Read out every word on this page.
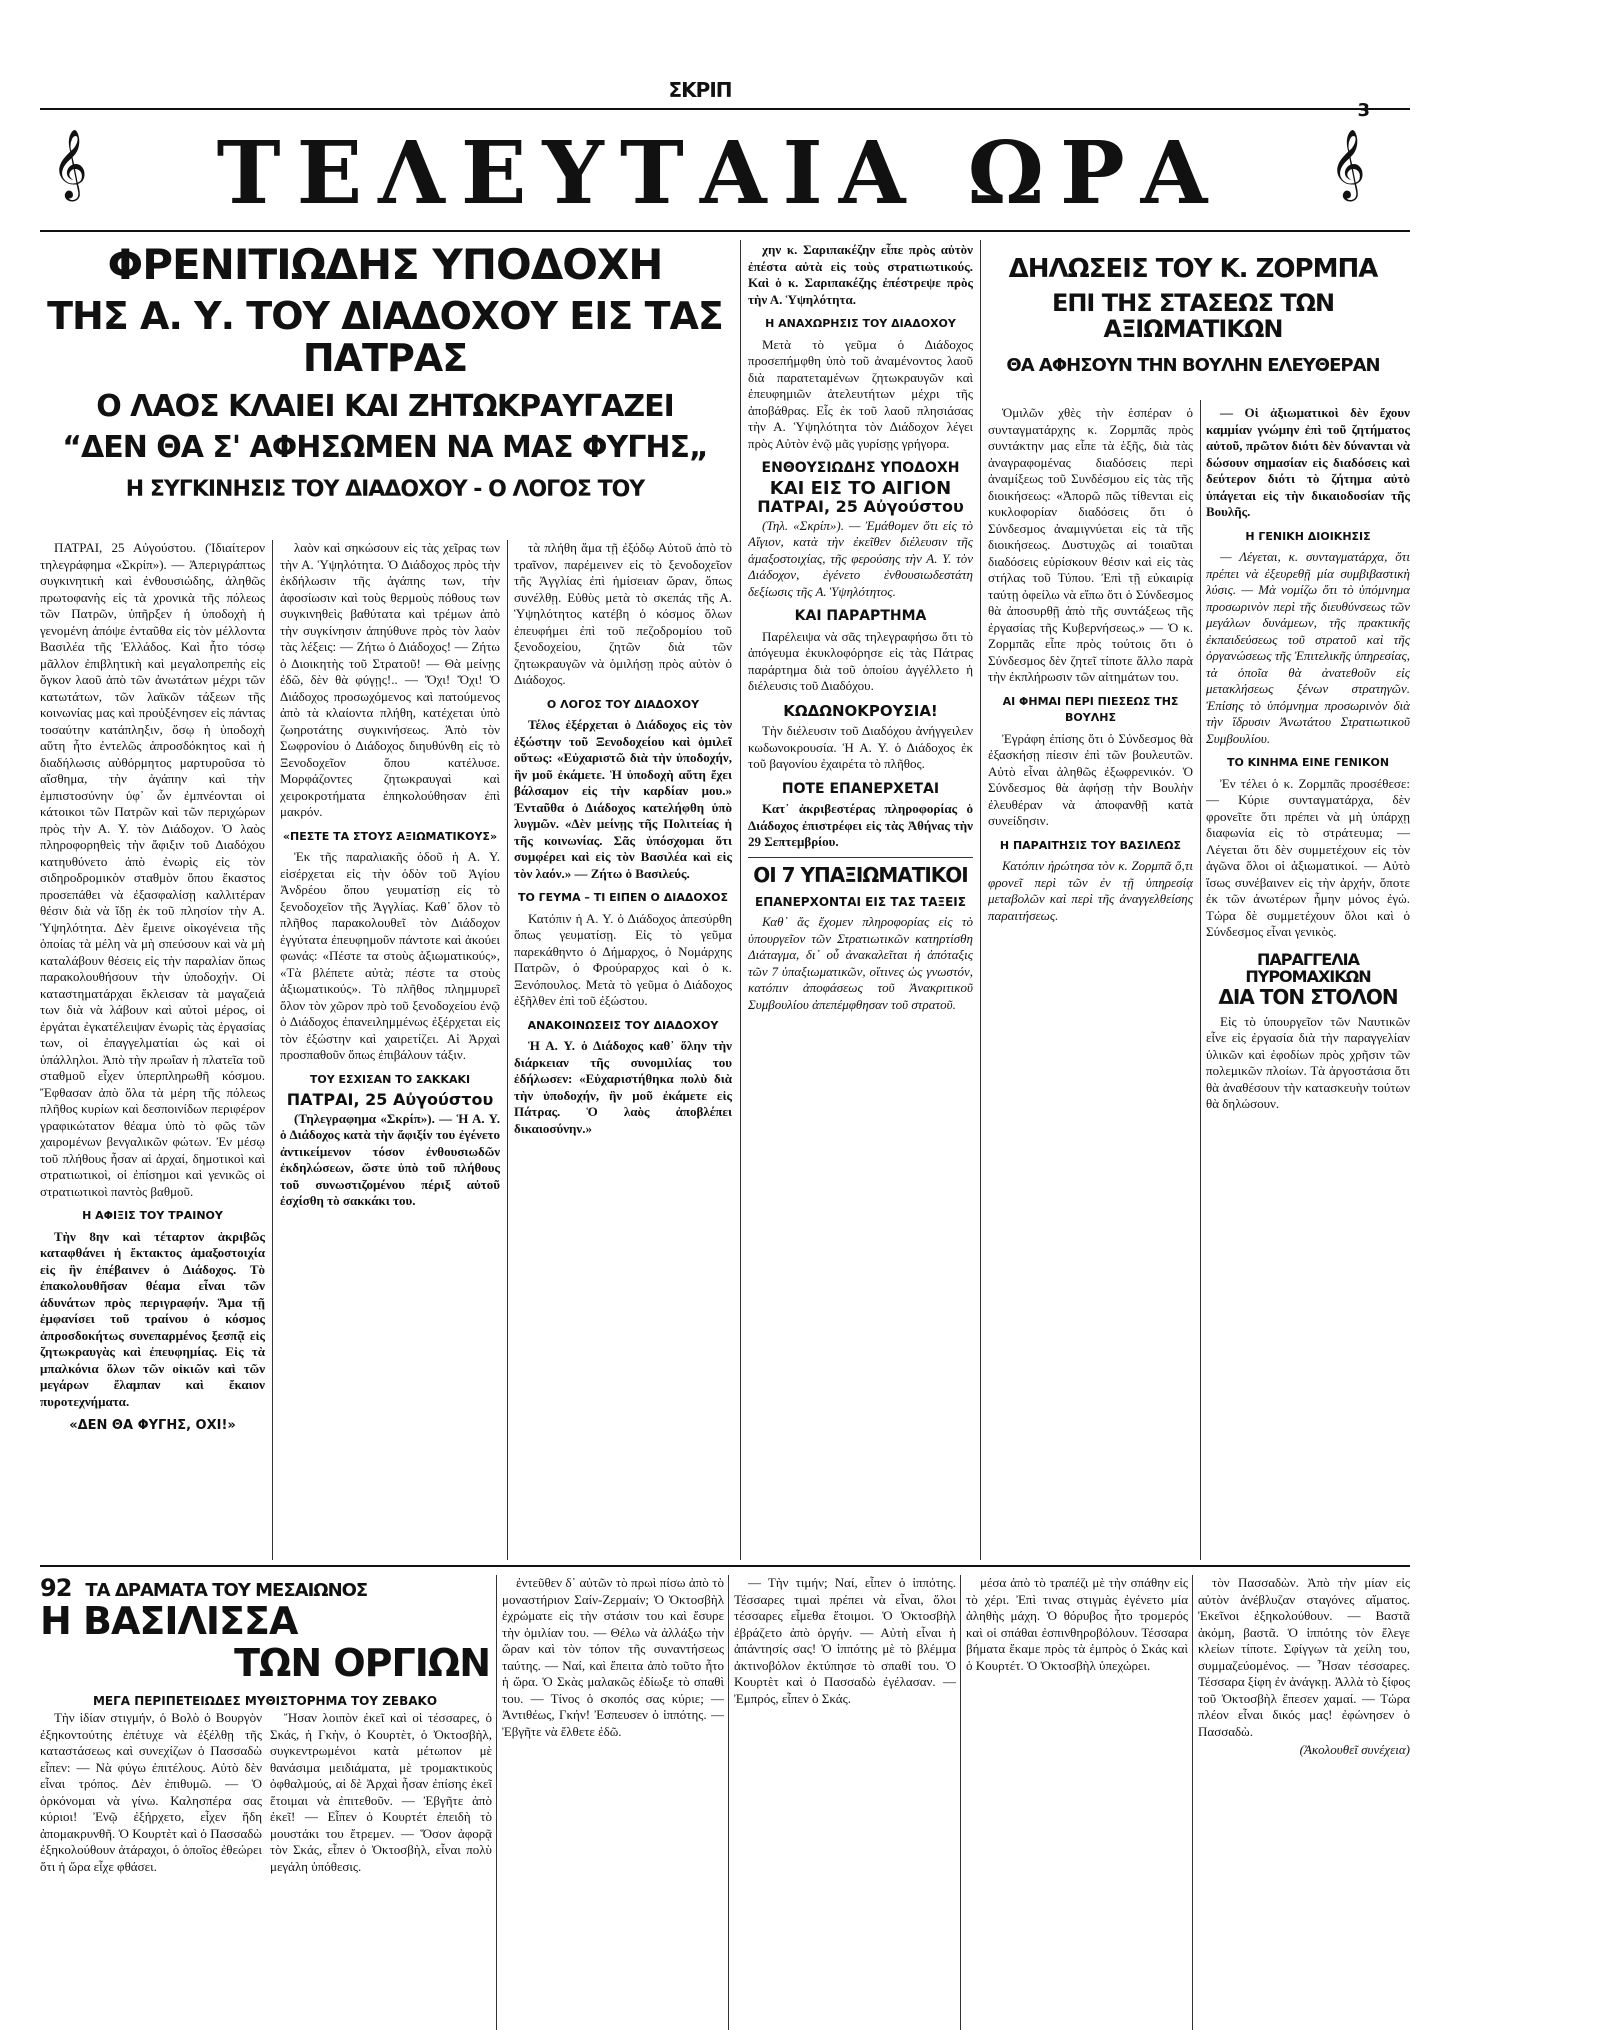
ΣΚΡΙΠ
3
𝄞	ΤΕΛΕΥΤΑΙΑ ΩΡΑ	𝄞
ΦΡΕΝΙΤΙΩΔΗΣ ΥΠΟΔΟΧΗ
ΤΗΣ Α. Υ. ΤΟΥ ΔΙΑΔΟΧΟΥ ΕΙΣ ΤΑΣ ΠΑΤΡΑΣ
Ο ΛΑΟΣ ΚΛΑΙΕΙ ΚΑΙ ΖΗΤΩΚΡΑΥΓΑΖΕΙ
“ΔΕΝ ΘΑ Σ' ΑΦΗΣΩΜΕΝ ΝΑ ΜΑΣ ΦΥΓΗΣ„
Η ΣΥΓΚΙΝΗΣΙΣ ΤΟΥ ΔΙΑΔΟΧΟΥ - Ο ΛΟΓΟΣ ΤΟΥ

ΠΑΤΡΑΙ, 25 Αὐγούστου. (Ἰδιαίτερον τηλεγράφημα «Σκρίπ»). — Ἀπεριγράπτως συγκινητικὴ καὶ ἐνθουσιώδης, ἀληθῶς πρωτοφανὴς εἰς τὰ χρονικὰ τῆς πόλεως τῶν Πατρῶν, ὑπῆρξεν ἡ ὑποδοχὴ ἡ γενομένη ἀπόψε ἐνταῦθα εἰς τὸν μέλλοντα Βασιλέα τῆς Ἑλλάδος. Καὶ ἦτο τόσῳ μᾶλλον ἐπιβλητικὴ καὶ μεγαλοπρεπὴς εἰς ὄγκον λαοῦ ἀπὸ τῶν ἀνωτάτων μέχρι τῶν κατωτάτων, τῶν λαϊκῶν τάξεων τῆς κοινωνίας μας καὶ προὐξένησεν εἰς πάντας τοσαύτην κατάπληξιν, ὅσῳ ἡ ὑποδοχὴ αὕτη ἦτο ἐντελῶς ἀπροσδόκητος καὶ ἡ διαδήλωσις αὐθόρμητος μαρτυροῦσα τὸ αἴσθημα, τὴν ἀγάπην καὶ τὴν ἐμπιστοσύνην ὑφ᾽ ὧν ἐμπνέονται οἱ κάτοικοι τῶν Πατρῶν καὶ τῶν περιχώρων πρὸς τὴν Α. Υ. τὸν Διάδοχον. Ὁ λαὸς πληροφορηθεὶς τὴν ἄφιξιν τοῦ Διαδόχου κατηυθύνετο ἀπὸ ἐνωρὶς εἰς τὸν σιδηροδρομικὸν σταθμὸν ὅπου ἕκαστος προσεπάθει νὰ ἐξασφαλίσῃ καλλιτέραν θέσιν διὰ νὰ ἴδῃ ἐκ τοῦ πλησίον τὴν Α. Ὑψηλότητα. Δὲν ἔμεινε οἰκογένεια τῆς ὁποίας τὰ μέλη νὰ μὴ σπεύσουν καὶ νὰ μὴ καταλάβουν θέσεις εἰς τὴν παραλίαν ὅπως παρακολουθήσουν τὴν ὑποδοχήν. Οἱ καταστηματάρχαι ἔκλεισαν τὰ μαγαζειά των διὰ νὰ λάβουν καὶ αὐτοὶ μέρος, οἱ ἐργάται ἐγκατέλειψαν ἐνωρὶς τὰς ἐργασίας των, οἱ ἐπαγγελματίαι ὡς καὶ οἱ ὑπάλληλοι. Ἀπὸ τὴν πρωΐαν ἡ πλατεῖα τοῦ σταθμοῦ εἶχεν ὑπερπληρωθῆ κόσμου. Ἔφθασαν ἀπὸ ὅλα τὰ μέρη τῆς πόλεως πλῆθος κυρίων καὶ δεσποινίδων περιφέρον γραφικώτατον θέαμα ὑπὸ τὸ φῶς τῶν χαιρομένων βενγαλικῶν φώτων. Ἐν μέσῳ τοῦ πλήθους ἦσαν αἱ ἀρχαί, δημοτικοὶ καὶ στρατιωτικοὶ, οἱ ἐπίσημοι καὶ γενικῶς οἱ στρατιωτικοὶ παντὸς βαθμοῦ.

Η ΑΦΙΞΙΣ ΤΟΥ ΤΡΑΙΝΟΥ

Τὴν 8ην καὶ τέταρτον ἀκριβῶς καταφθάνει ἡ ἔκτακτος ἁμαξοστοιχία εἰς ἣν ἐπέβαινεν ὁ Διάδοχος. Τὸ ἐπακολουθῆσαν θέαμα εἶναι τῶν ἀδυνάτων πρὸς περιγραφήν. Ἅμα τῇ ἐμφανίσει τοῦ τραίνου ὁ κόσμος ἀπροσδοκήτως συνεπαρμένος ξεσπᾷ εἰς ζητωκραυγὰς καὶ ἐπευφημίας. Εἰς τὰ μπαλκόνια ὅλων τῶν οἰκιῶν καὶ τῶν μεγάρων ἔλαμπαν καὶ ἔκαιον πυροτεχνήματα.

«ΔΕΝ ΘΑ ΦΥΓΗΣ, ΟΧΙ!»

λαὸν καὶ σηκώσουν εἰς τὰς χεῖρας των τὴν Α. Ὑψηλότητα. Ὁ Διάδοχος πρὸς τὴν ἐκδήλωσιν τῆς ἀγάπης των, τὴν ἀφοσίωσιν καὶ τοὺς θερμοὺς πόθους των συγκινηθεὶς βαθύτατα καὶ τρέμων ἀπὸ τὴν συγκίνησιν ἀπηύθυνε πρὸς τὸν λαὸν τὰς λέξεις: — Ζήτω ὁ Διάδοχος! — Ζήτω ὁ Διοικητὴς τοῦ Στρατοῦ! — Θὰ μείνῃς ἐδῶ, δὲν θὰ φύγῃς!.. — Ὄχι! Ὄχι! Ὁ Διάδοχος προσωχόμενος καὶ πατούμενος ἀπὸ τὰ κλαίοντα πλήθη, κατέχεται ὑπὸ ζωηροτάτης συγκινήσεως. Ἀπὸ τὸν Σωφρονίου ὁ Διάδοχος διηυθύνθη εἰς τὸ Ξενοδοχεῖον ὅπου κατέλυσε. Μορφάζοντες ζητωκραυγαὶ καὶ χειροκροτήματα ἐπηκολούθησαν ἐπὶ μακρόν.

«ΠΕΣΤΕ ΤΑ ΣΤΟΥΣ ΑΞΙΩΜΑΤΙΚΟΥΣ»

Ἐκ τῆς παραλιακῆς ὁδοῦ ἡ Α. Υ. εἰσέρχεται εἰς τὴν ὁδὸν τοῦ Ἁγίου Ἀνδρέου ὅπου γευματίσῃ εἰς τὸ ξενοδοχεῖον τῆς Ἀγγλίας. Καθ᾽ ὅλον τὸ πλῆθος παρακολουθεῖ τὸν Διάδοχον ἐγγύτατα ἐπευφημοῦν πάντοτε καὶ ἀκούει φωνάς: «Πέστε τα στοὺς ἀξιωματικούς», «Τὰ βλέπετε αὐτὰ; πέστε τα στοὺς ἀξιωματικούς». Τὸ πλῆθος πλημμυρεῖ ὅλον τὸν χῶρον πρὸ τοῦ ξενοδοχείου ἐνῷ ὁ Διάδοχος ἐπανειλημμένως ἐξέρχεται εἰς τὸν ἐξώστην καὶ χαιρετίζει. Αἱ Ἀρχαὶ προσπαθοῦν ὅπως ἐπιβάλουν τάξιν.

ΤΟΥ ΕΣΧΙΣΑΝ ΤΟ ΣΑΚΚΑΚΙ
ΠΑΤΡΑΙ, 25 Αὐγούστου

(Τηλεγραφημα «Σκρίπ»). — Ἡ Α. Υ. ὁ Διάδοχος κατὰ τὴν ἄφιξίν του ἐγένετο ἀντικείμενον τόσον ἐνθουσιωδῶν ἐκδηλώσεων, ὥστε ὑπὸ τοῦ πλήθους τοῦ συνωστιζομένου πέριξ αὐτοῦ ἐσχίσθη τὸ σακκάκι του.

τὰ πλήθη ἅμα τῇ ἐξόδῳ Αὐτοῦ ἀπὸ τὸ τραῖνον, παρέμεινεν εἰς τὸ ξενοδοχεῖον τῆς Ἀγγλίας ἐπὶ ἡμίσειαν ὥραν, ὅπως συνέλθῃ. Εὐθὺς μετὰ τὸ σκεπάς τῆς Α. Ὑψηλότητος κατέβη ὁ κόσμος ὅλων ἐπευφήμει ἐπὶ τοῦ πεζοδρομίου τοῦ ξενοδοχείου, ζητῶν διὰ τῶν ζητωκραυγῶν νὰ ὁμιλήσῃ πρὸς αὐτὸν ὁ Διάδοχος.

Ο ΛΟΓΟΣ ΤΟΥ ΔΙΑΔΟΧΟΥ

Τέλος ἐξέρχεται ὁ Διάδοχος εἰς τὸν ἐξώστην τοῦ Ξενοδοχείου καὶ ὁμιλεῖ οὕτως: «Εὐχαριστῶ διὰ τὴν ὑποδοχήν, ἣν μοῦ ἐκάμετε. Ἡ ὑποδοχὴ αὕτη ἔχει βάλσαμον εἰς τὴν καρδίαν μου.» Ἐνταῦθα ὁ Διάδοχος κατελήφθη ὑπὸ λυγμῶν. «Δὲν μείνῃς τῆς Πολιτείας ἡ τῆς κοινωνίας. Σᾶς ὑπόσχομαι ὅτι συμφέρει καὶ εἰς τὸν Βασιλέα καὶ εἰς τὸν λαόν.» — Ζήτω ὁ Βασιλεύς.

ΤΟ ΓΕΥΜΑ – ΤΙ ΕΙΠΕΝ Ο ΔΙΑΔΟΧΟΣ

Κατόπιν ἡ Α. Υ. ὁ Διάδοχος ἀπεσύρθη ὅπως γευματίσῃ. Εἰς τὸ γεῦμα παρεκάθηντο ὁ Δήμαρχος, ὁ Νομάρχης Πατρῶν, ὁ Φρούραρχος καὶ ὁ κ. Ξενόπουλος. Μετὰ τὸ γεῦμα ὁ Διάδοχος ἐξῆλθεν ἐπὶ τοῦ ἐξώστου.

ΑΝΑΚΟΙΝΩΣΕΙΣ ΤΟΥ ΔΙΑΔΟΧΟΥ

Ἡ Α. Υ. ὁ Διάδοχος καθ᾽ ὅλην τὴν διάρκειαν τῆς συνομιλίας του ἐδήλωσεν: «Εὐχαριστήθηκα πολὺ διὰ τὴν ὑποδοχήν, ἣν μοῦ ἐκάμετε εἰς Πάτρας. Ὁ λαὸς ἀποβλέπει δικαιοσύνην.»

χην κ. Σαριπακέζην εἶπε πρὸς αὐτὸν ἐπέστα αὐτὰ εἰς τοὺς στρατιωτικούς. Καὶ ὁ κ. Σαριπακέζης ἐπέστρεψε πρὸς τὴν Α. Ὑψηλότητα.

Η ΑΝΑΧΩΡΗΣΙΣ ΤΟΥ ΔΙΑΔΟΧΟΥ

Μετὰ τὸ γεῦμα ὁ Διάδοχος προσεπήμφθη ὑπὸ τοῦ ἀναμένοντος λαοῦ διὰ παρατεταμένων ζητωκραυγῶν καὶ ἐπευφημιῶν ἀτελευτήτων μέχρι τῆς ἀποβάθρας. Εἷς ἐκ τοῦ λαοῦ πλησιάσας τὴν Α. Ὑψηλότητα τὸν Διάδοχον λέγει πρὸς Αὐτὸν ἐνῷ μᾶς γυρίσῃς γρήγορα.

ΕΝΘΟΥΣΙΩΔΗΣ ΥΠΟΔΟΧΗ
ΚΑΙ ΕΙΣ ΤΟ ΑΙΓΙΟΝ
ΠΑΤΡΑΙ, 25 Αὐγούστου

(Τηλ. «Σκρίπ»). — Ἐμάθομεν ὅτι εἰς τὸ Αἴγιον, κατὰ τὴν ἐκεῖθεν διέλευσιν τῆς ἁμαξοστοιχίας, τῆς φερούσης τὴν Α. Υ. τὸν Διάδοχον, ἐγένετο ἐνθουσιωδεστάτη δεξίωσις τῆς Α. Ὑψηλότητος.

ΚΑΙ ΠΑΡΑΡΤΗΜΑ

Παρέλειψα νὰ σᾶς τηλεγραφήσω ὅτι τὸ ἀπόγευμα ἐκυκλοφόρησε εἰς τὰς Πάτρας παράρτημα διὰ τοῦ ὁποίου ἀγγέλλετο ἡ διέλευσις τοῦ Διαδόχου.

ΚΩΔΩΝΟΚΡΟΥΣΙΑ!

Τὴν διέλευσιν τοῦ Διαδόχου ἀνήγγειλεν κωδωνοκρουσία. Ἡ Α. Υ. ὁ Διάδοχος ἐκ τοῦ βαγονίου ἐχαιρέτα τὸ πλῆθος.

ΠΟΤΕ ΕΠΑΝΕΡΧΕΤΑΙ

Κατ᾽ ἀκριβεστέρας πληροφορίας ὁ Διάδοχος ἐπιστρέφει εἰς τὰς Ἀθήνας τὴν 29 Σεπτεμβρίου.

ΟΙ 7 ΥΠΑΞΙΩΜΑΤΙΚΟΙ
ΕΠΑΝΕΡΧΟΝΤΑΙ ΕΙΣ ΤΑΣ ΤΑΞΕΙΣ

Καθ᾽ ἅς ἔχομεν πληροφορίας εἰς τὸ ὑπουργεῖον τῶν Στρατιωτικῶν κατηρτίσθη Διάταγμα, δι᾽ οὗ ἀνακαλεῖται ἡ ἀπόταξις τῶν 7 ὑπαξιωματικῶν, οἵτινες ὡς γνωστόν, κατόπιν ἀποφάσεως τοῦ Ἀνακριτικοῦ Συμβουλίου ἀπεπέμφθησαν τοῦ στρατοῦ.

ΔΗΛΩΣΕΙΣ ΤΟΥ Κ. ΖΟΡΜΠΑ
ΕΠΙ ΤΗΣ ΣΤΑΣΕΩΣ ΤΩΝ ΑΞΙΩΜΑΤΙΚΩΝ
ΘΑ ΑΦΗΣΟΥΝ ΤΗΝ ΒΟΥΛΗΝ ΕΛΕΥΘΕΡΑΝ

Ὁμιλῶν χθὲς τὴν ἑσπέραν ὁ συνταγματάρχης κ. Ζορμπᾶς πρὸς συντάκτην μας εἶπε τὰ ἑξῆς, διὰ τὰς ἀναγραφομένας διαδόσεις περὶ ἀναμίξεως τοῦ Συνδέσμου εἰς τὰς τῆς διοικήσεως: «Ἀπορῶ πῶς τίθενται εἰς κυκλοφορίαν διαδόσεις ὅτι ὁ Σύνδεσμος ἀναμιγνύεται εἰς τὰ τῆς διοικήσεως. Δυστυχῶς αἱ τοιαῦται διαδόσεις εὑρίσκουν θέσιν καὶ εἰς τὰς στήλας τοῦ Τύπου. Ἐπὶ τῇ εὐκαιρίᾳ ταύτῃ ὀφείλω νὰ εἴπω ὅτι ὁ Σύνδεσμος θὰ ἀποσυρθῇ ἀπὸ τῆς συντάξεως τῆς ἐργασίας τῆς Κυβερνήσεως.» — Ὁ κ. Ζορμπᾶς εἶπε πρὸς τούτοις ὅτι ὁ Σύνδεσμος δὲν ζητεῖ τίποτε ἄλλο παρὰ τὴν ἐκπλήρωσιν τῶν αἰτημάτων του.

ΑΙ ΦΗΜΑΙ ΠΕΡΙ ΠΙΕΣΕΩΣ ΤΗΣ ΒΟΥΛΗΣ

Ἐγράφη ἐπίσης ὅτι ὁ Σύνδεσμος θὰ ἐξασκήσῃ πίεσιν ἐπὶ τῶν βουλευτῶν. Αὐτὸ εἶναι ἀληθῶς ἐξωφρενικόν. Ὁ Σύνδεσμος θὰ ἀφήσῃ τὴν Βουλὴν ἐλευθέραν νὰ ἀποφανθῇ κατὰ συνείδησιν.

Η ΠΑΡΑΙΤΗΣΙΣ ΤΟΥ ΒΑΣΙΛΕΩΣ

Κατόπιν ἠρώτησα τὸν κ. Ζορμπᾶ ὅ,τι φρονεῖ περὶ τῶν ἐν τῇ ὑπηρεσίᾳ μεταβολῶν καὶ περὶ τῆς ἀναγγελθείσης παραιτήσεως.

— Οἱ ἀξιωματικοὶ δὲν ἔχουν καμμίαν γνώμην ἐπὶ τοῦ ζητήματος αὐτοῦ, πρῶτον διότι δὲν δύνανται νὰ δώσουν σημασίαν εἰς διαδόσεις καὶ δεύτερον διότι τὸ ζήτημα αὐτὸ ὑπάγεται εἰς τὴν δικαιοδοσίαν τῆς Βουλῆς.

Η ΓΕΝΙΚΗ ΔΙΟΙΚΗΣΙΣ

— Λέγεται, κ. συνταγματάρχα, ὅτι πρέπει νὰ ἐξευρεθῇ μία συμβιβαστικὴ λύσις. — Μὰ νομίζω ὅτι τὸ ὑπόμνημα προσωρινὸν περὶ τῆς διευθύνσεως τῶν μεγάλων δυνάμεων, τῆς πρακτικῆς ἐκπαιδεύσεως τοῦ στρατοῦ καὶ τῆς ὀργανώσεως τῆς Ἐπιτελικῆς ὑπηρεσίας, τὰ ὁποῖα θὰ ἀνατεθοῦν εἰς μετακλήσεως ξένων στρατηγῶν. Ἐπίσης τὸ ὑπόμνημα προσωρινὸν διὰ τὴν ἵδρυσιν Ἀνωτάτου Στρατιωτικοῦ Συμβουλίου.

ΤΟ ΚΙΝΗΜΑ ΕΙΝΕ ΓΕΝΙΚΟΝ

Ἐν τέλει ὁ κ. Ζορμπᾶς προσέθεσε: — Κύριε συνταγματάρχα, δὲν φρονεῖτε ὅτι πρέπει νὰ μὴ ὑπάρχῃ διαφωνία εἰς τὸ στράτευμα; — Λέγεται ὅτι δὲν συμμετέχουν εἰς τὸν ἀγῶνα ὅλοι οἱ ἀξιωματικοί. — Αὐτὸ ἴσως συνέβαινεν εἰς τὴν ἀρχήν, ὅποτε ἐκ τῶν ἀνωτέρων ἦμην μόνος ἐγώ. Τώρα δὲ συμμετέχουν ὅλοι καὶ ὁ Σύνδεσμος εἶναι γενικὸς.

ΠΑΡΑΓΓΕΛΙΑ ΠΥΡΟΜΑΧΙΚΩΝ
ΔΙΑ ΤΟΝ ΣΤΟΛΟΝ

Εἰς τὸ ὑπουργεῖον τῶν Ναυτικῶν εἶνε εἰς ἐργασία διὰ τὴν παραγγελίαν ὑλικῶν καὶ ἐφοδίων πρὸς χρῆσιν τῶν πολεμικῶν πλοίων. Τὰ ἀργοστάσια ὅτι θὰ ἀναθέσουν τὴν κατασκευὴν τούτων θὰ δηλώσουν.

92 ΤΑ ΔΡΑΜΑΤΑ ΤΟΥ ΜΕΣΑΙΩΝΟΣ
Η ΒΑΣΙΛΙΣΣΑ
ΤΩΝ ΟΡΓΙΩΝ
ΜΕΓΑ ΠΕΡΙΠΕΤΕΙΩΔΕΣ ΜΥΘΙΣΤΟΡΗΜΑ ΤΟΥ ΖΕΒΑΚΟ

Τὴν ἰδίαν στιγμήν, ὁ Βολὸ ὁ Βουργὸν ἐξηκοντούτης ἐπέτυχε νὰ ἐξέλθῃ τῆς καταστάσεως καὶ συνεχίζων ὁ Πασσαδὼ εἶπεν: — Νὰ φύγω ἐπιτέλους. Αὐτὸ δὲν εἶναι τρόπος. Δὲν ἐπιθυμῶ. — Ὁ ὁρκόνομαι νὰ γίνω. Καλησπέρα σας κύριοι! Ἐνῷ ἐξήρχετο, εἶχεν ἤδη ἀπομακρυνθῆ. Ὁ Κουρτὲτ καὶ ὁ Πασσαδὼ ἐξηκολούθουν ἀτάραχοι, ὁ ὁποῖος ἐθεώρει ὅτι ἡ ὥρα εἶχε φθάσει.

Ἤσαν λοιπὸν ἐκεῖ καὶ οἱ τέσσαρες, ὁ Σκάς, ἡ Γκὴν, ὁ Κουρτὲτ, ὁ Ὀκτοσβὴλ, συγκεντρωμένοι κατὰ μέτωπον μὲ θανάσιμα μειδιάματα, μὲ τρομακτικοὺς ὀφθαλμούς, αἱ δὲ Ἀρχαὶ ἦσαν ἐπίσης ἐκεῖ ἕτοιμαι νὰ ἐπιτεθοῦν. — Ἐβγῆτε ἀπὸ ἐκεῖ! — Εἶπεν ὁ Κουρτέτ ἐπειδὴ τὸ μουστάκι του ἔτρεμεν. — Ὅσον ἀφορᾷ τὸν Σκάς, εἶπεν ὁ Ὀκτοσβὴλ, εἶναι πολὺ μεγάλη ὑπόθεσις.

ἐντεῦθεν δ᾽ αὐτῶν τὸ πρωὶ πίσω ἀπὸ τὸ μοναστήριον Σαίν-Ζερμαίν; Ὁ Ὀκτοσβὴλ ἐχρώματε εἰς τὴν στάσιν του καὶ ἔσυρε τὴν ὁμιλίαν του. — Θέλω νὰ ἀλλάξω τὴν ὥραν καὶ τὸν τόπον τῆς συναντήσεως ταύτης. — Ναί, καὶ ἔπειτα ἀπὸ τοῦτο ἦτο ἡ ὥρα. Ὁ Σκὰς μαλακῶς ἐδίωξε τὸ σπαθὶ του. — Τίνος ὁ σκοπός σας κύριε; — Ἀντιθέως, Γκήν! Ἐσπευσεν ὁ ἱππότης. — Ἐβγῆτε νὰ ἔλθετε ἐδῶ.

— Τὴν τιμήν; Ναί, εἶπεν ὁ ἱππότης. Τέσσαρες τιμαὶ πρέπει νὰ εἶναι, ὅλοι τέσσαρες εἶμεθα ἕτοιμοι. Ὁ Ὀκτοσβὴλ ἐβράζετο ἀπὸ ὀργήν. — Αὐτὴ εἶναι ἡ ἀπάντησίς σας! Ὁ ἱππότης μὲ τὸ βλέμμα ἀκτινοβόλον ἐκτύπησε τὸ σπαθί του. Ὁ Κουρτὲτ καὶ ὁ Πασσαδὼ ἐγέλασαν. — Ἐμπρός, εἶπεν ὁ Σκάς.

μέσα ἀπὸ τὸ τραπέζι μὲ τὴν σπάθην εἰς τὸ χέρι. Ἐπὶ τινας στιγμὰς ἐγένετο μία ἀληθὴς μάχη. Ὁ θόρυβος ἦτο τρομερός καὶ οἱ σπάθαι ἐσπινθηροβόλουν. Τέσσαρα βήματα ἔκαμε πρὸς τὰ ἐμπρὸς ὁ Σκάς καὶ ὁ Κουρτέτ. Ὁ Ὀκτοσβὴλ ὑπεχώρει.

τὸν Πασσαδὼν. Ἀπὸ τὴν μίαν εἰς αὐτὸν ἀνέβλυζαν σταγόνες αἵματος. Ἐκεῖνοι ἐξηκολούθουν. — Βαστᾶ ἀκόμη, βαστᾶ. Ὁ ἱππότης τὸν ἔλεγε κλείων τίποτε. Σφίγγων τὰ χείλη του, συμμαζεύομένος. — Ἦσαν τέσσαρες. Τέσσαρα ξίφη ἐν ἀνάγκῃ. Ἀλλὰ τὸ ξίφος τοῦ Ὀκτοσβὴλ ἔπεσεν χαμαί. — Τώρα πλέον εἶναι δικός μας! ἐφώνησεν ὁ Πασσαδὼ.

(Ἀκολουθεῖ συνέχεια)
